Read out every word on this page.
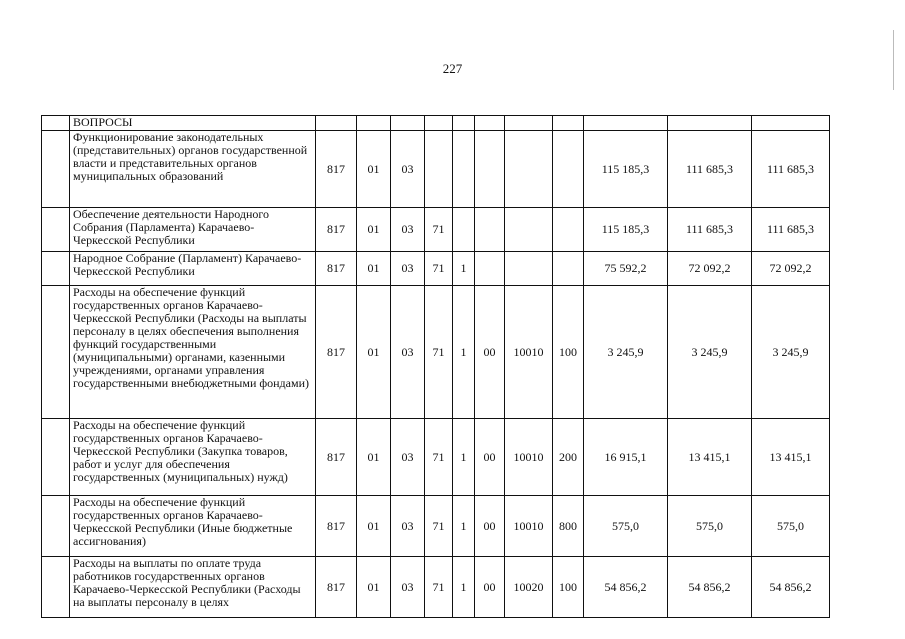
227
	ВОПРОСЫ											
	Функционирование законодательных (представительных) органов государственной власти и представительных органов муниципальных образований	817	01	03						115 185,3	111 685,3	111 685,3
	Обеспечение деятельности Народного Собрания (Парламента) Карачаево-Черкесской Республики	817	01	03	71					115 185,3	111 685,3	111 685,3
	Народное Собрание (Парламент) Карачаево-Черкесской Республики	817	01	03	71	1				75 592,2	72 092,2	72 092,2
	Расходы на обеспечение функций государственных органов Карачаево-Черкесской Республики (Расходы на выплаты персоналу в целях обеспечения выполнения функций государственными (муниципальными) органами, казенными учреждениями, органами управления государственными внебюджетными фондами)	817	01	03	71	1	00	10010	100	3 245,9	3 245,9	3 245,9
	Расходы на обеспечение функций государственных органов Карачаево-Черкесской Республики (Закупка товаров, работ и услуг для обеспечения государственных (муниципальных) нужд)	817	01	03	71	1	00	10010	200	16 915,1	13 415,1	13 415,1
	Расходы на обеспечение функций государственных органов Карачаево-Черкесской Республики (Иные бюджетные ассигнования)	817	01	03	71	1	00	10010	800	575,0	575,0	575,0
	Расходы на выплаты по оплате труда работников государственных органов Карачаево-Черкесской Республики (Расходы на выплаты персоналу в целях	817	01	03	71	1	00	10020	100	54 856,2	54 856,2	54 856,2
